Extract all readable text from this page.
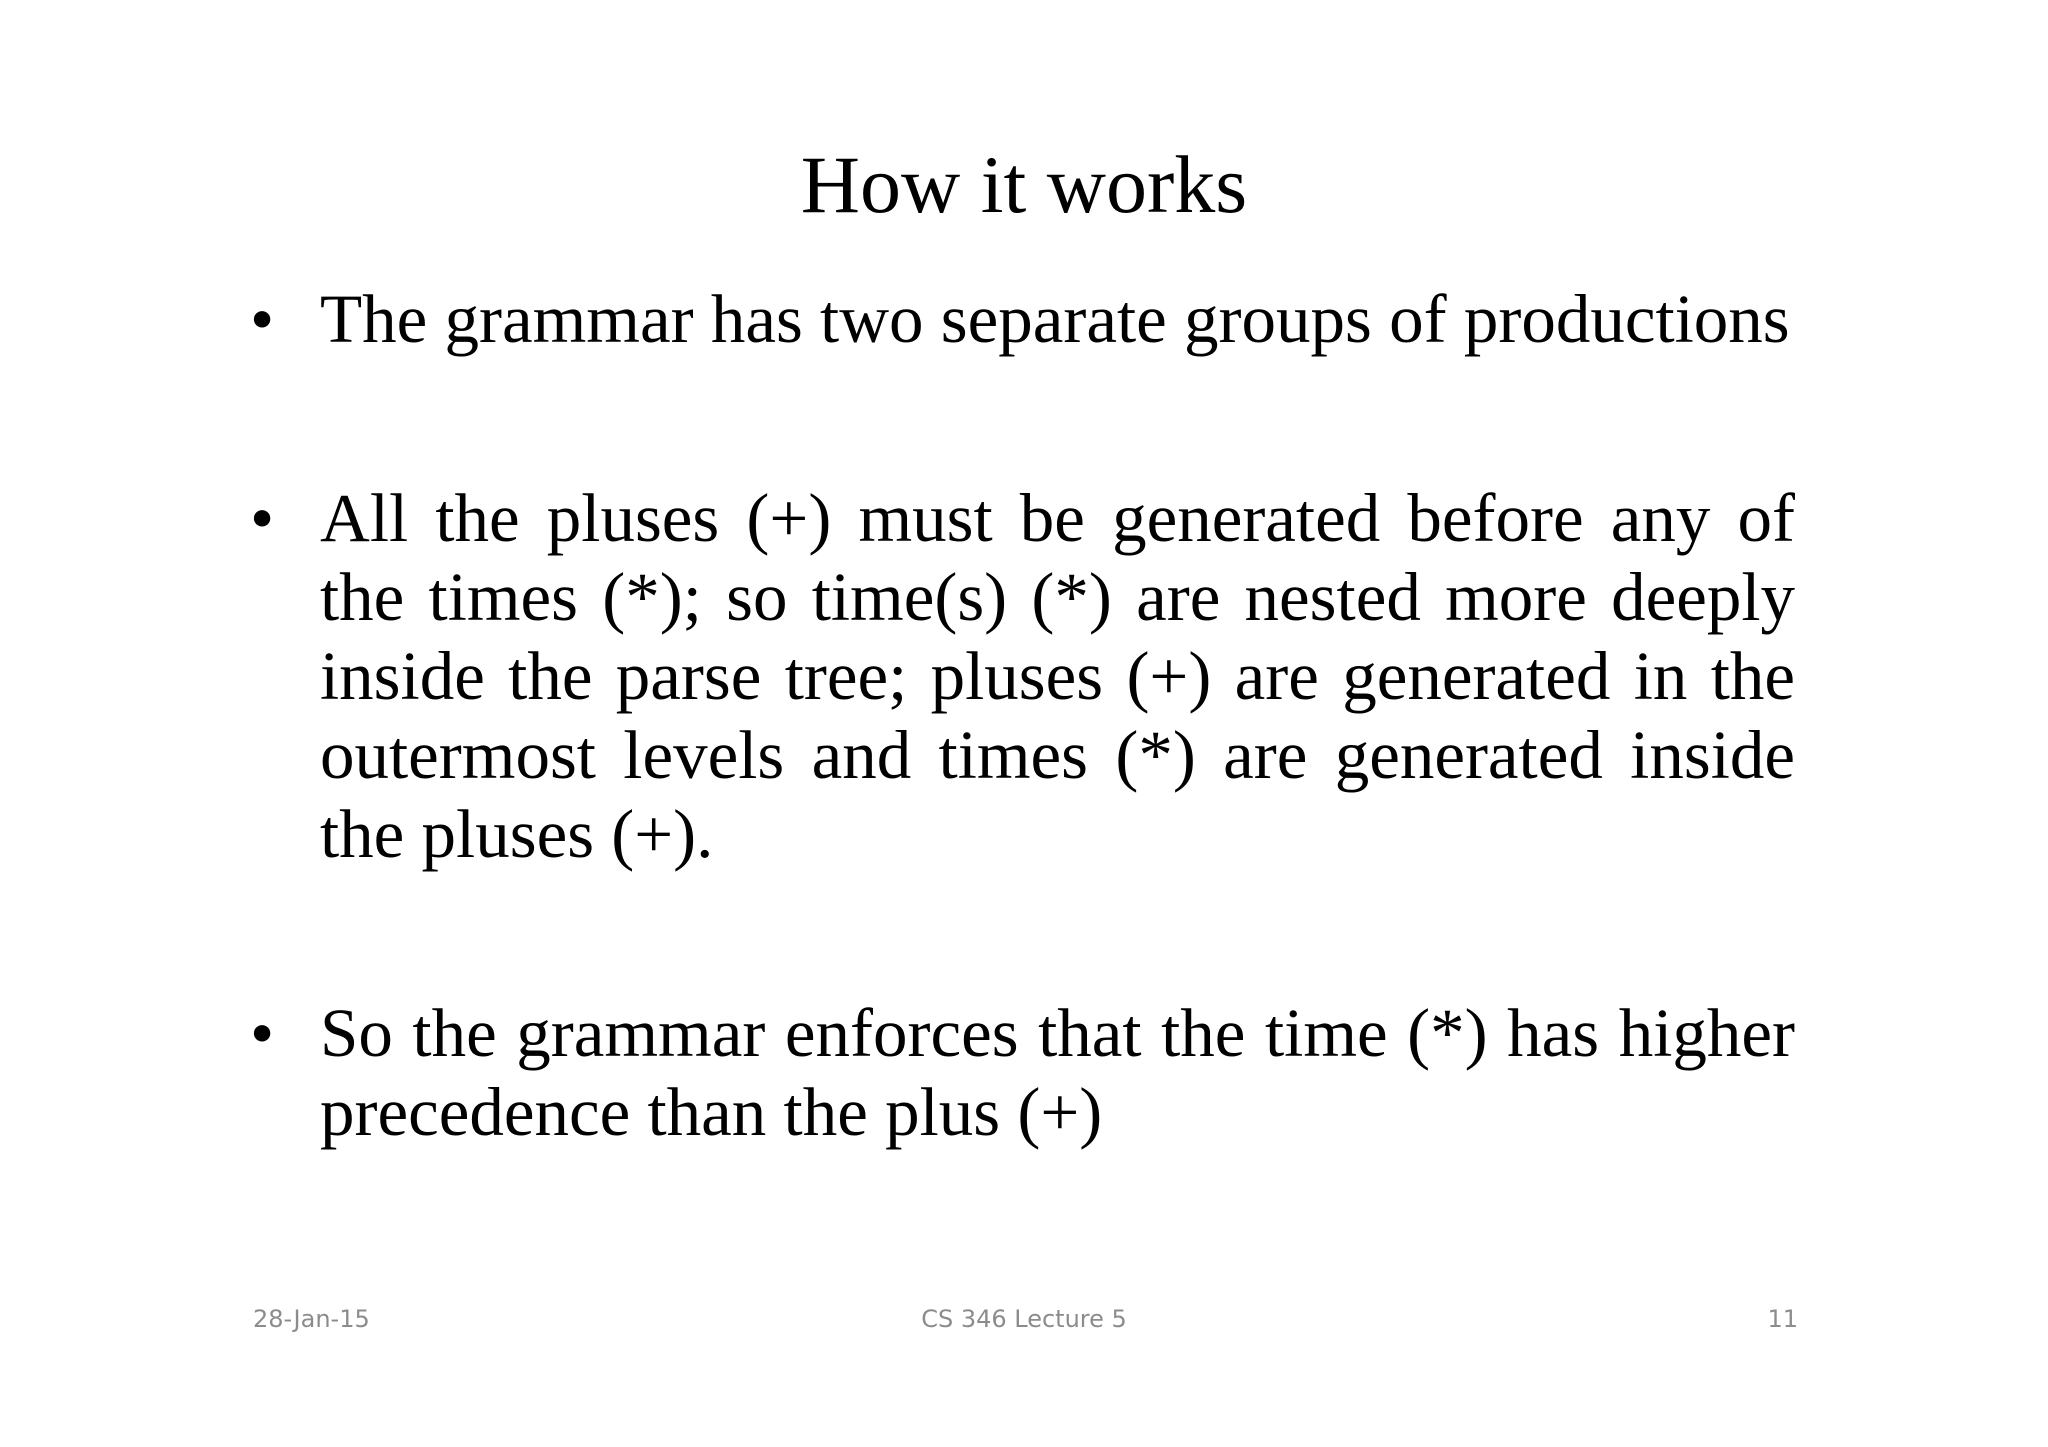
How it works
• The grammar has two separate groups of productions
• All the pluses (+) must be generated before any of the times (*); so time(s) (*) are nested more deeply inside the parse tree; pluses (+) are generated in the outermost levels and times (*) are generated inside the pluses (+).
• So the grammar enforces that the time (*) has higher precedence than the plus (+)
28-Jan-15	CS 346 Lecture 5	11
